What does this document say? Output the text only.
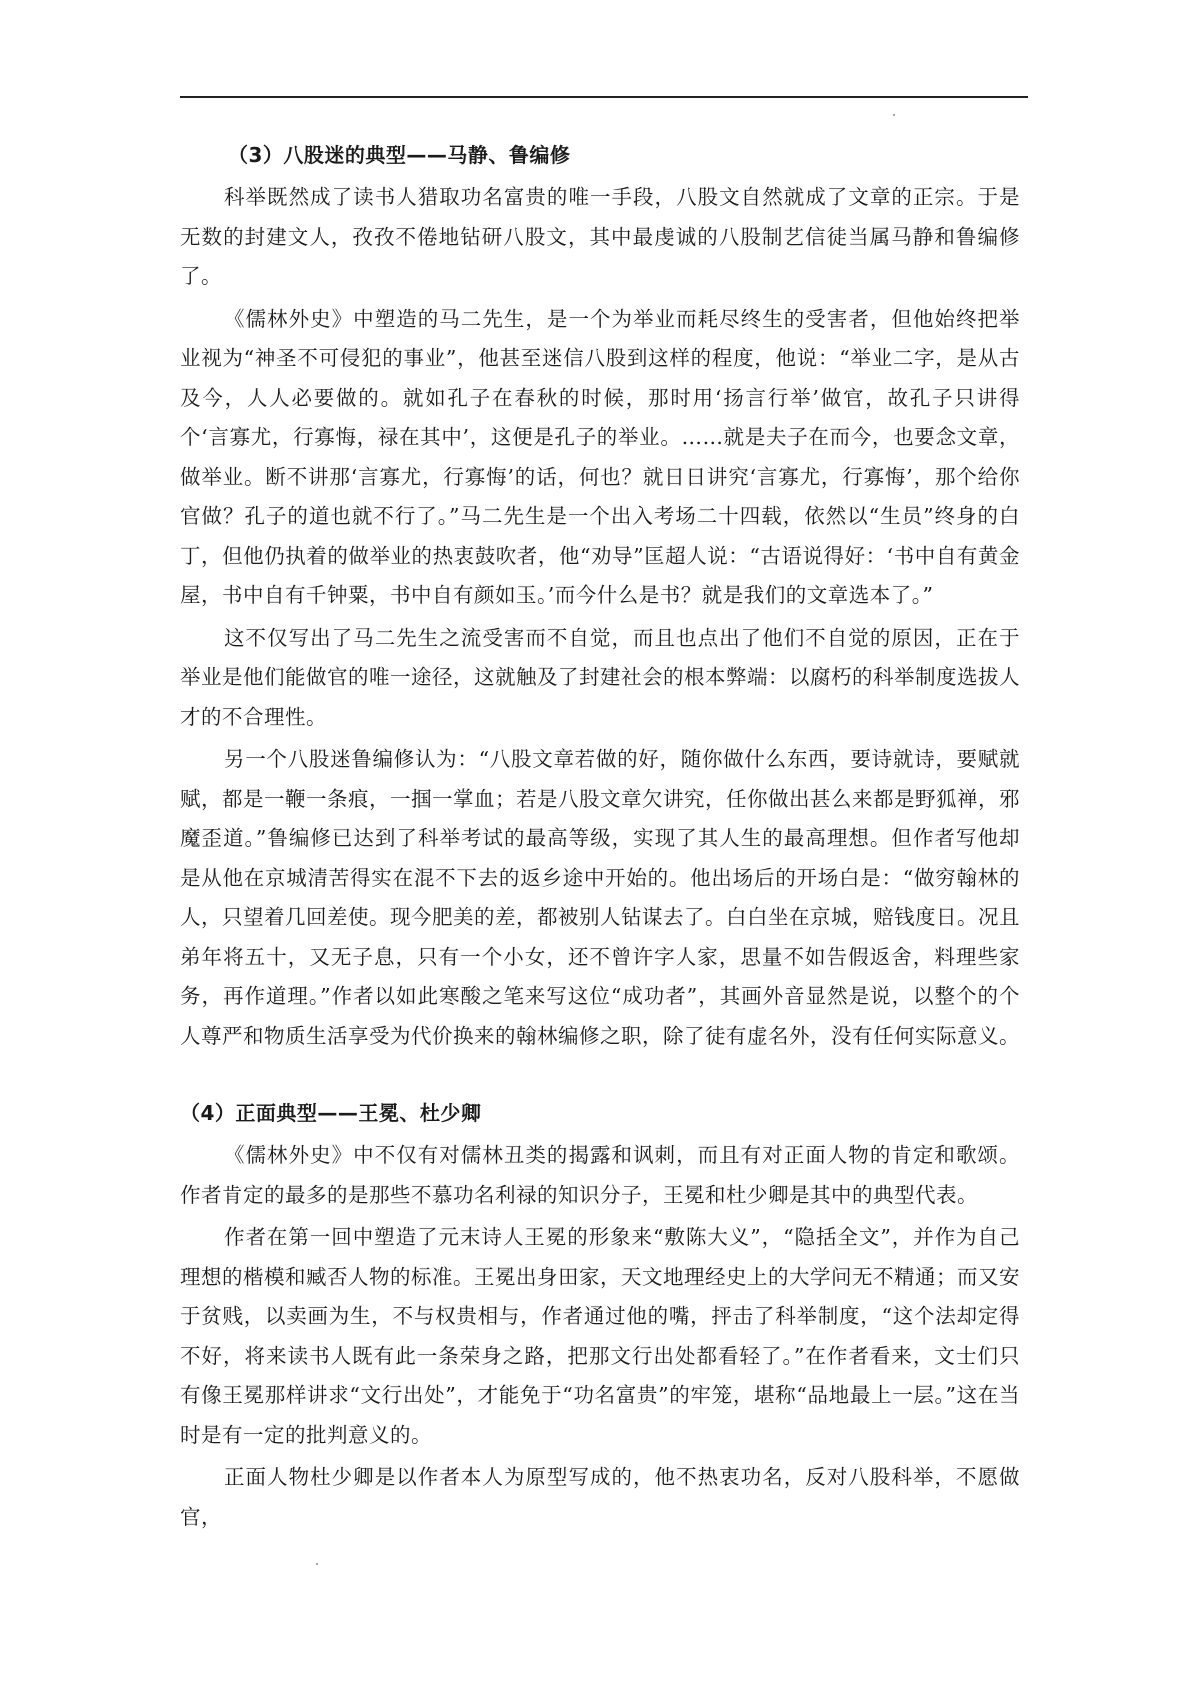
（3）八股迷的典型——马静、鲁编修

科举既然成了读书人猎取功名富贵的唯一手段，八股文自然就成了文章的正宗。于是无数的封建文人，孜孜不倦地钻研八股文，其中最虔诚的八股制艺信徒当属马静和鲁编修了。

《儒林外史》中塑造的马二先生，是一个为举业而耗尽终生的受害者，但他始终把举业视为“神圣不可侵犯的事业”，他甚至迷信八股到这样的程度，他说：“举业二字，是从古及今，人人必要做的。就如孔子在春秋的时候，那时用‘扬言行举’做官，故孔子只讲得个‘言寡尤，行寡悔，禄在其中’，这便是孔子的举业。……就是夫子在而今，也要念文章，做举业。断不讲那‘言寡尤，行寡悔’的话，何也？就日日讲究‘言寡尤，行寡悔’，那个给你官做？孔子的道也就不行了。”马二先生是一个出入考场二十四载，依然以“生员”终身的白丁，但他仍执着的做举业的热衷鼓吹者，他“劝导”匡超人说：“古语说得好：‘书中自有黄金屋，书中自有千钟粟，书中自有颜如玉。’而今什么是书？就是我们的文章选本了。”

这不仅写出了马二先生之流受害而不自觉，而且也点出了他们不自觉的原因，正在于举业是他们能做官的唯一途径，这就触及了封建社会的根本弊端：以腐朽的科举制度选拔人才的不合理性。

另一个八股迷鲁编修认为：“八股文章若做的好，随你做什么东西，要诗就诗，要赋就赋，都是一鞭一条痕，一掴一掌血；若是八股文章欠讲究，任你做出甚么来都是野狐禅，邪魔歪道。”鲁编修已达到了科举考试的最高等级，实现了其人生的最高理想。但作者写他却是从他在京城清苦得实在混不下去的返乡途中开始的。他出场后的开场白是：“做穷翰林的人，只望着几回差使。现今肥美的差，都被别人钻谋去了。白白坐在京城，赔钱度日。况且弟年将五十，又无子息，只有一个小女，还不曾许字人家，思量不如告假返舍，料理些家务，再作道理。”作者以如此寒酸之笔来写这位“成功者”，其画外音显然是说，以整个的个人尊严和物质生活享受为代价换来的翰林编修之职，除了徒有虚名外，没有任何实际意义。

（4）正面典型——王冕、杜少卿

《儒林外史》中不仅有对儒林丑类的揭露和讽刺，而且有对正面人物的肯定和歌颂。作者肯定的最多的是那些不慕功名利禄的知识分子，王冕和杜少卿是其中的典型代表。

作者在第一回中塑造了元末诗人王冕的形象来“敷陈大义”，“隐括全文”，并作为自己理想的楷模和臧否人物的标准。王冕出身田家，天文地理经史上的大学问无不精通；而又安于贫贱，以卖画为生，不与权贵相与，作者通过他的嘴，抨击了科举制度，“这个法却定得不好，将来读书人既有此一条荣身之路，把那文行出处都看轻了。”在作者看来，文士们只有像王冕那样讲求“文行出处”，才能免于“功名富贵”的牢笼，堪称“品地最上一层。”这在当时是有一定的批判意义的。

正面人物杜少卿是以作者本人为原型写成的，他不热衷功名，反对八股科举，不愿做官，
